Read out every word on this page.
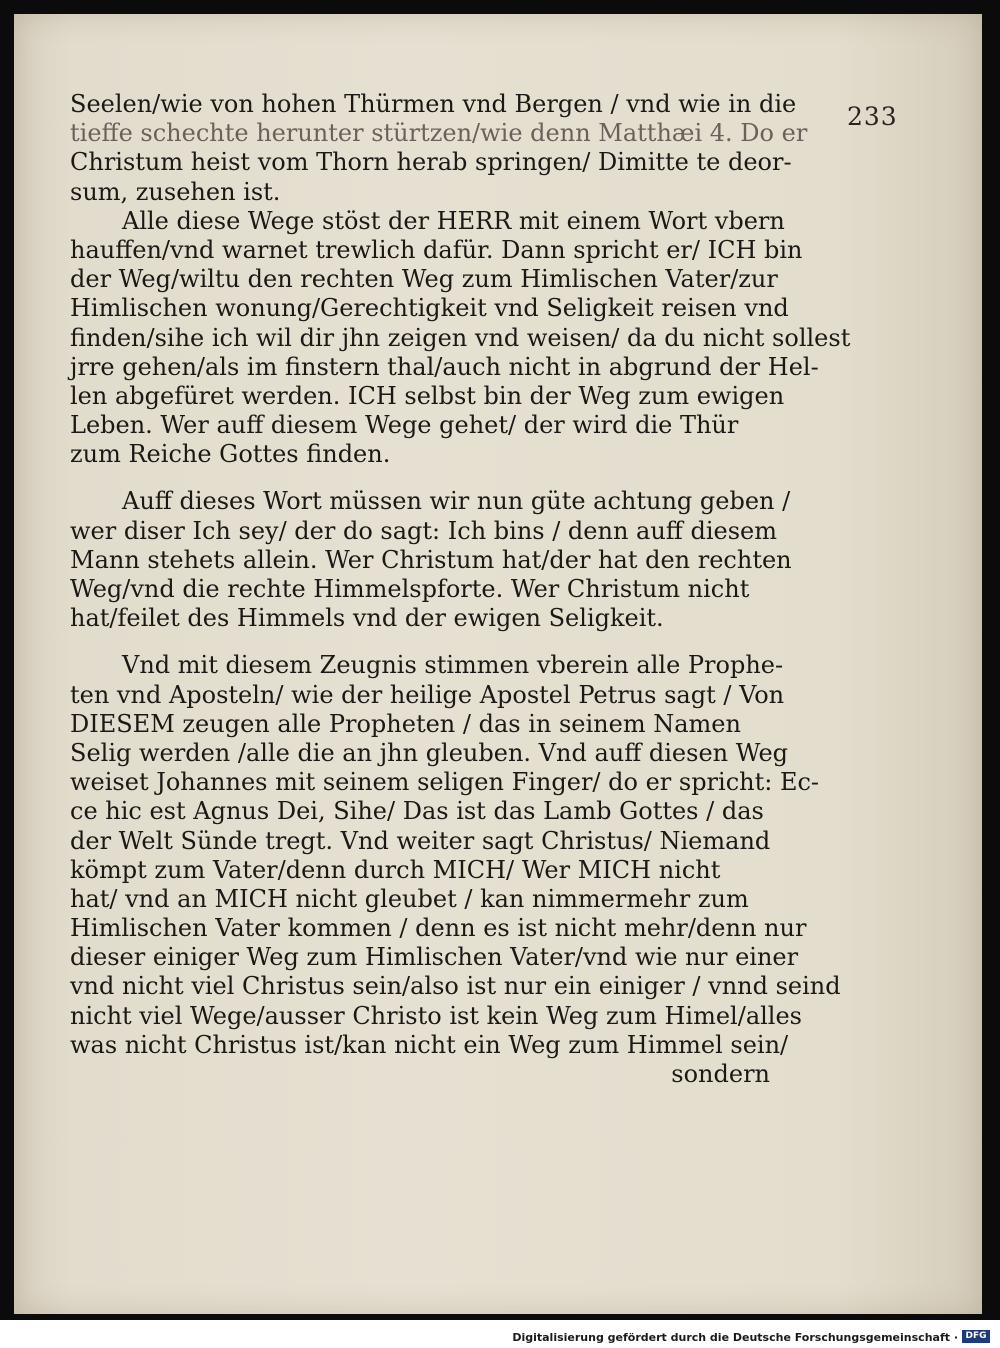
233
Seelen/wie von hohen Thürmen vnd Bergen / vnd wie in die
tieffe schechte herunter stürtzen/wie denn Matthæi 4. Do er
Christum heist vom Thorn herab springen/ Dimitte te deor-
sum, zusehen ist.
Alle diese Wege stöst der HERR mit einem Wort vbern
hauffen/vnd warnet trewlich dafür. Dann spricht er/ ICH bin
der Weg/wiltu den rechten Weg zum Himlischen Vater/zur
Himlischen wonung/Gerechtigkeit vnd Seligkeit reisen vnd
finden/sihe ich wil dir jhn zeigen vnd weisen/ da du nicht sollest
jrre gehen/als im finstern thal/auch nicht in abgrund der Hel-
len abgefüret werden. ICH selbst bin der Weg zum ewigen
Leben. Wer auff diesem Wege gehet/ der wird die Thür
zum Reiche Gottes finden.
Auff dieses Wort müssen wir nun güte achtung geben /
wer diser Ich sey/ der do sagt: Ich bins / denn auff diesem
Mann stehets allein. Wer Christum hat/der hat den rechten
Weg/vnd die rechte Himmelspforte. Wer Christum nicht
hat/feilet des Himmels vnd der ewigen Seligkeit.
Vnd mit diesem Zeugnis stimmen vberein alle Prophe-
ten vnd Aposteln/ wie der heilige Apostel Petrus sagt / Von
DIESEM zeugen alle Propheten / das in seinem Namen
Selig werden /alle die an jhn gleuben. Vnd auff diesen Weg
weiset Johannes mit seinem seligen Finger/ do er spricht: Ec-
ce hic est Agnus Dei, Sihe/ Das ist das Lamb Gottes / das
der Welt Sünde tregt. Vnd weiter sagt Christus/ Niemand
kömpt zum Vater/denn durch MICH/ Wer MICH nicht
hat/ vnd an MICH nicht gleubet / kan nimmermehr zum
Himlischen Vater kommen / denn es ist nicht mehr/denn nur
dieser einiger Weg zum Himlischen Vater/vnd wie nur einer
vnd nicht viel Christus sein/also ist nur ein einiger / vnnd seind
nicht viel Wege/ausser Christo ist kein Weg zum Himel/alles
was nicht Christus ist/kan nicht ein Weg zum Himmel sein/
sondern
Digitalisierung gefördert durch die Deutsche Forschungsgemeinschaft · DFG
